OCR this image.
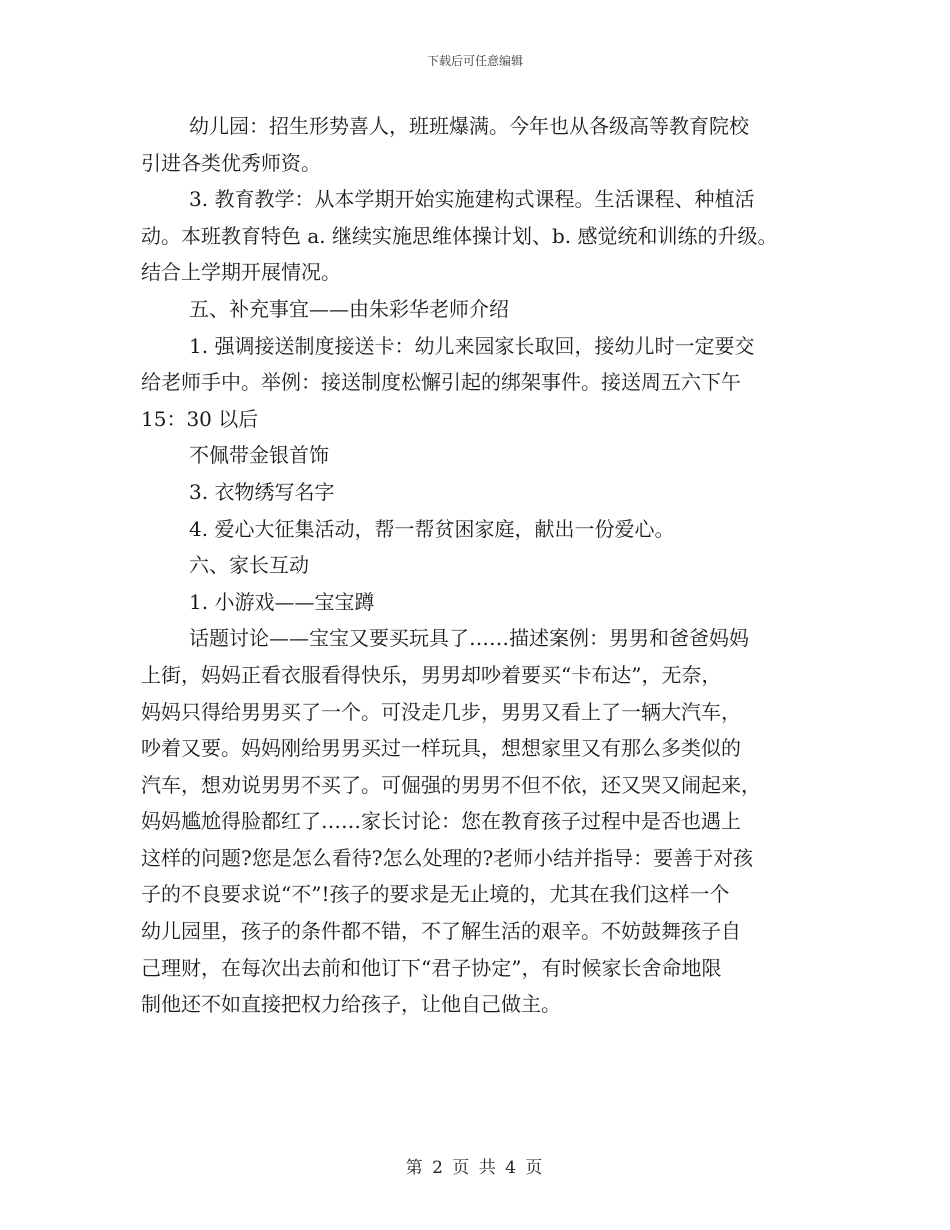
下载后可任意编辑
幼儿园：招生形势喜人，班班爆满。今年也从各级高等教育院校
引进各类优秀师资。
3. 教育教学：从本学期开始实施建构式课程。生活课程、种植活
动。本班教育特色 a. 继续实施思维体操计划、b. 感觉统和训练的升级。
结合上学期开展情况。
五、补充事宜——由朱彩华老师介绍
1. 强调接送制度接送卡：幼儿来园家长取回，接幼儿时一定要交
给老师手中。举例：接送制度松懈引起的绑架事件。接送周五六下午
15：30 以后
不佩带金银首饰
3. 衣物绣写名字
4. 爱心大征集活动，帮一帮贫困家庭，献出一份爱心。
六、家长互动
1. 小游戏——宝宝蹲
话题讨论——宝宝又要买玩具了……描述案例：男男和爸爸妈妈
上街，妈妈正看衣服看得快乐，男男却吵着要买“卡布达”，无奈，
妈妈只得给男男买了一个。可没走几步，男男又看上了一辆大汽车，
吵着又要。妈妈刚给男男买过一样玩具，想想家里又有那么多类似的
汽车，想劝说男男不买了。可倔强的男男不但不依，还又哭又闹起来，
妈妈尴尬得脸都红了……家长讨论：您在教育孩子过程中是否也遇上
这样的问题?您是怎么看待?怎么处理的?老师小结并指导：要善于对孩
子的不良要求说“不”!孩子的要求是无止境的，尤其在我们这样一个
幼儿园里，孩子的条件都不错，不了解生活的艰辛。不妨鼓舞孩子自
己理财，在每次出去前和他订下“君子协定”，有时候家长舍命地限
制他还不如直接把权力给孩子，让他自己做主。
第 2 页 共 4 页
